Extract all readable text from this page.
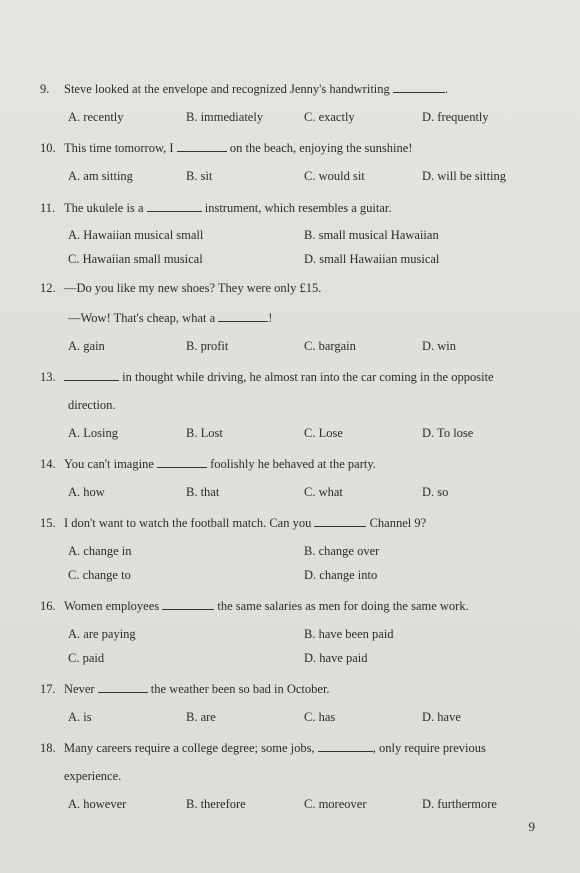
9.	Steve looked at the envelope and recognized Jenny's handwriting	.
A. recently	B. immediately	C. exactly	D. frequently
10. This time tomorrow, I	on the beach, enjoying the sunshine!
A. am sitting	B. sit	C. would sit	D. will be sitting
11. The ukulele is a	instrument, which resembles a guitar.
A. Hawaiian musical small	B. small musical Hawaiian
C. Hawaiian small musical	D. small Hawaiian musical
12. —Do you like my new shoes? They were only £15.
—Wow! That's cheap, what a	!
A. gain	B. profit	C. bargain	D. win
13.	in thought while driving, he almost ran into the car coming in the opposite
direction.
A. Losing	B. Lost	C. Lose	D. To lose
14. You can't imagine	foolishly he behaved at the party.
A. how	B. that	C. what	D. so
15. I don't want to watch the football match. Can you	Channel 9?
A. change in	B. change over
C. change to	D. change into
16. Women employees	the same salaries as men for doing the same work.
A. are paying	B. have been paid
C. paid	D. have paid
17. Never	the weather been so bad in October.
A. is	B. are	C. has	D. have
18. Many careers require a college degree; some jobs,	, only require previous
experience.
A. however	B. therefore	C. moreover	D. furthermore
9
